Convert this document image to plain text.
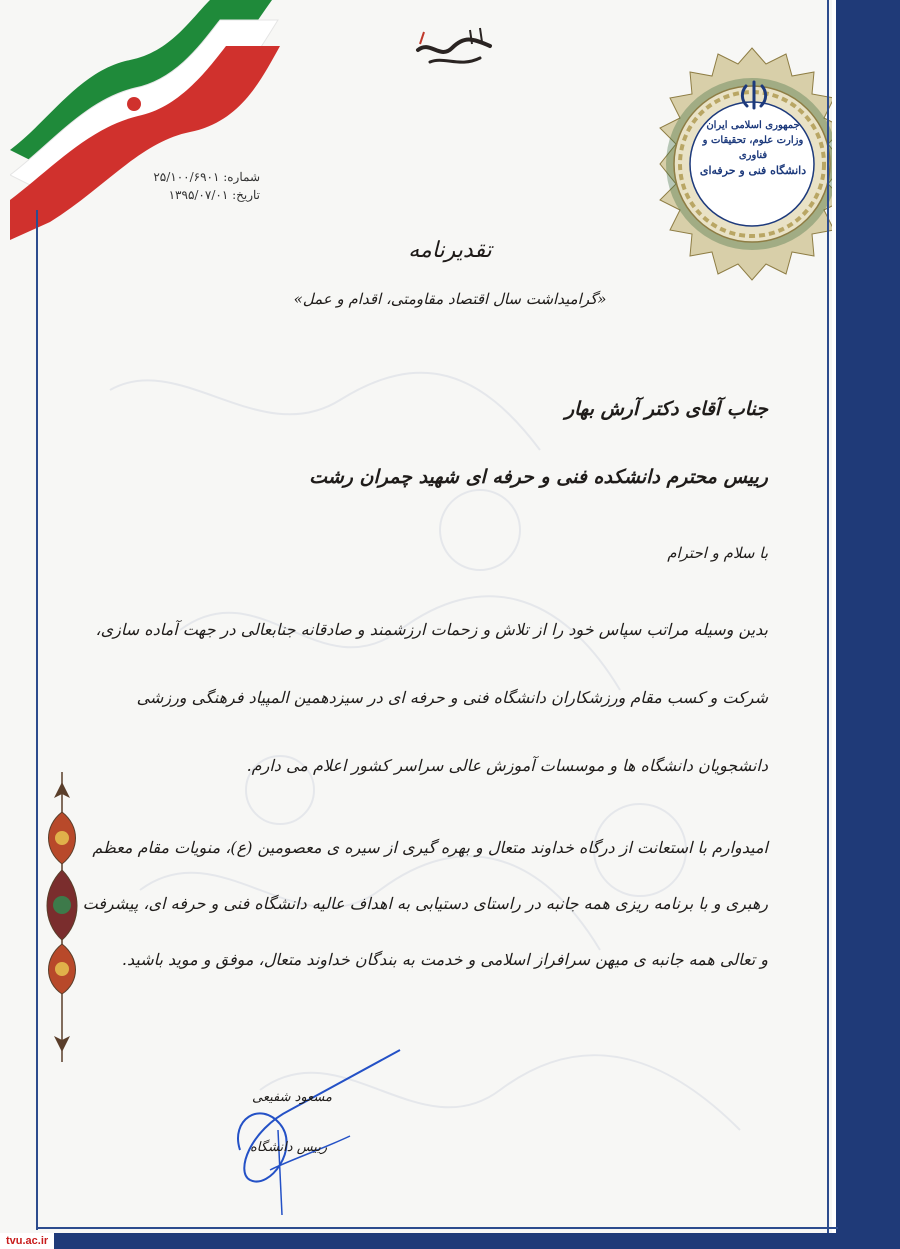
جمهوری اسلامی ایران
وزارت علوم، تحقیقات و فناوری
دانشگاه فنی و حرفه‌ای
شماره: ۲۵/۱۰۰/۶۹۰۱
تاریخ: ۱۳۹۵/۰۷/۰۱
تقدیرنامه
«گرامیداشت سال اقتصاد مقاومتی، اقدام و عمل»
جناب آقای دکتر آرش بهار
رییس محترم دانشکده فنی و حرفه ای شهید چمران رشت
با سلام و احترام
بدین وسیله مراتب سپاس خود را از تلاش و زحمات ارزشمند و صادقانه جنابعالی در جهت آماده سازی، شرکت و کسب مقام ورزشکاران دانشگاه فنی و حرفه ای در سیزدهمین المپیاد فرهنگی ورزشی دانشجویان دانشگاه ها و موسسات آموزش عالی سراسر کشور اعلام می دارم.
امیدوارم با استعانت از درگاه خداوند متعال و بهره گیری از سیره ی معصومین (ع)، منویات مقام معظم رهبری و با برنامه ریزی همه جانبه در راستای دستیابی به اهداف عالیه دانشگاه فنی و حرفه ای، پیشرفت و تعالی همه جانبه ی میهن سرافراز اسلامی و خدمت به بندگان خداوند متعال، موفق و موید باشید.
مسعود شفیعی
رییس دانشگاه
tvu.ac.ir
